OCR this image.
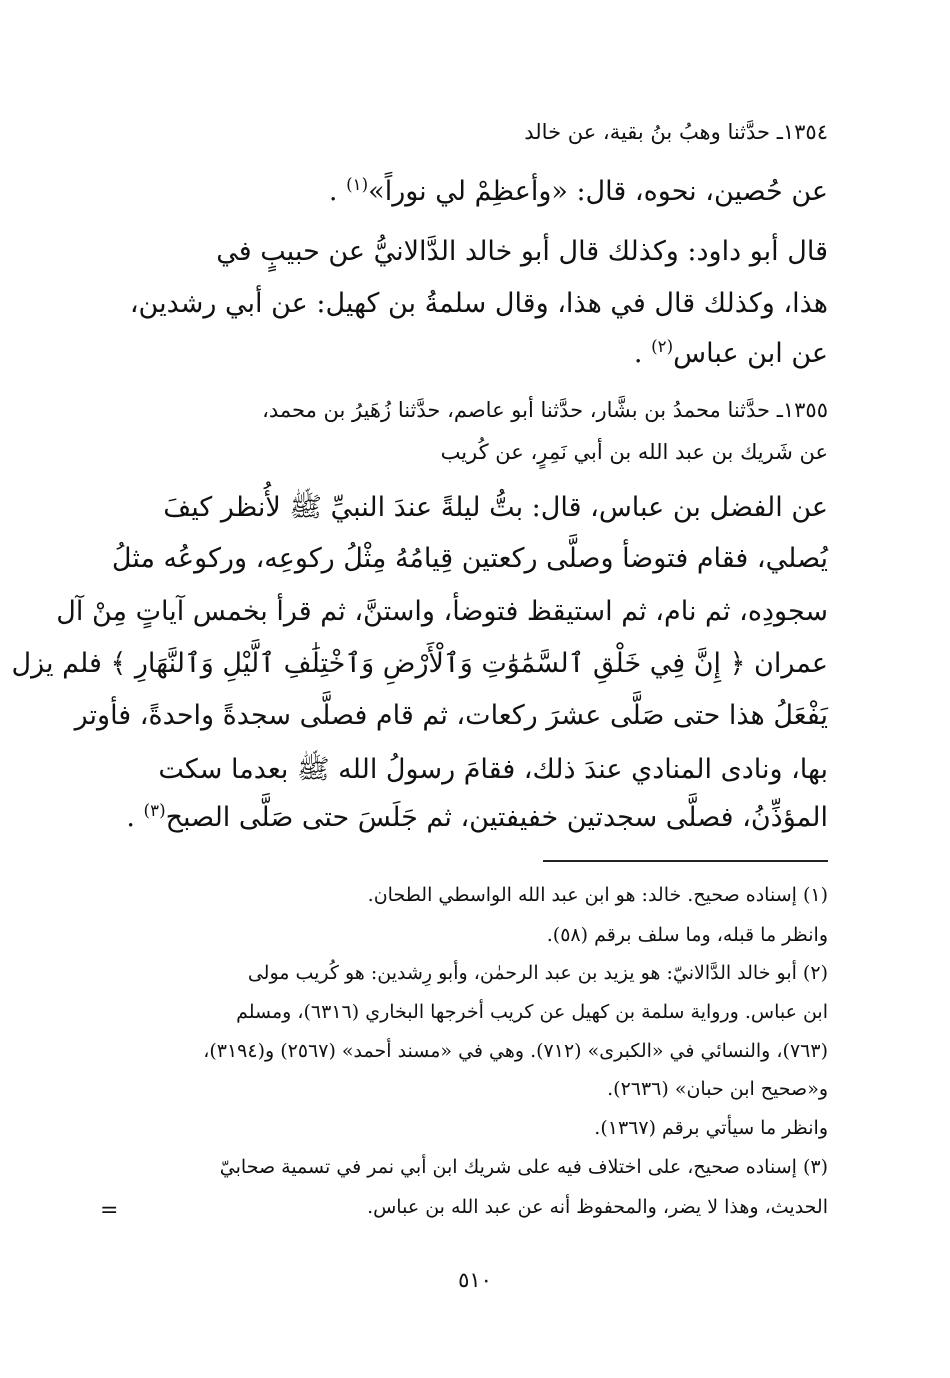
١٣٥٤ـ حدَّثنا وهبُ بنُ بقية، عن خالد

عن حُصين، نحوه، قال: «وأعظِمْ لي نوراً»$^{(١)}$ .

قال أبو داود: وكذلك قال أبو خالد الدَّالانيُّ عن حبيبٍ في

هذا، وكذلك قال في هذا، وقال سلمةُ بن كهيل: عن أبي رشدين،

عن ابن عباس$^{(٢)}$ .

١٣٥٥ـ حدَّثنا محمدُ بن بشَّار، حدَّثنا أبو عاصم، حدَّثنا زُهَيرُ بن محمد،

عن شَريك بن عبد الله بن أبي نَمِرٍ، عن كُريب

عن الفضل بن عباس، قال: بتُّ ليلةً عندَ النبيِّ ﷺ لأُنظر كيفَ

يُصلي، فقام فتوضأ وصلَّى ركعتين قِيامُهُ مِثْلُ ركوعِه، وركوعُه مثلُ

سجودِه، ثم نام، ثم استيقظ فتوضأ، واستنَّ، ثم قرأ بخمس آياتٍ مِنْ آل

عمران ﴿ إِنَّ فِي خَلْقِ ٱلسَّمَٰوَٰتِ وَٱلْأَرْضِ وَٱخْتِلَٰفِ ٱلَّيْلِ وَٱلنَّهَارِ ﴾ فلم يزل

يَفْعَلُ هذا حتى صَلَّى عشرَ ركعات، ثم قام فصلَّى سجدةً واحدةً، فأوتر

بها، ونادى المنادي عندَ ذلك، فقامَ رسولُ الله ﷺ بعدما سكت

المؤذِّنُ، فصلَّى سجدتين خفيفتين، ثم جَلَسَ حتى صَلَّى الصبح$^{(٣)}$ .

(١) إسناده صحيح. خالد: هو ابن عبد الله الواسطي الطحان.

وانظر ما قبله، وما سلف برقم (٥٨).

(٢) أبو خالد الدَّالانيّ: هو يزيد بن عبد الرحمٰن، وأبو رِشدين: هو كُريب مولى

ابن عباس. ورواية سلمة بن كهيل عن كريب أخرجها البخاري (٦٣١٦)، ومسلم

(٧٦٣)، والنسائي في «الكبرى» (٧١٢). وهي في «مسند أحمد» (٢٥٦٧) و(٣١٩٤)،

و«صحيح ابن حبان» (٢٦٣٦).

وانظر ما سيأتي برقم (١٣٦٧).

(٣) إسناده صحيح، على اختلاف فيه على شريك ابن أبي نمر في تسمية صحابيّ

الحديث، وهذا لا يضر، والمحفوظ أنه عن عبد الله بن عباس.

=
٥١٠
